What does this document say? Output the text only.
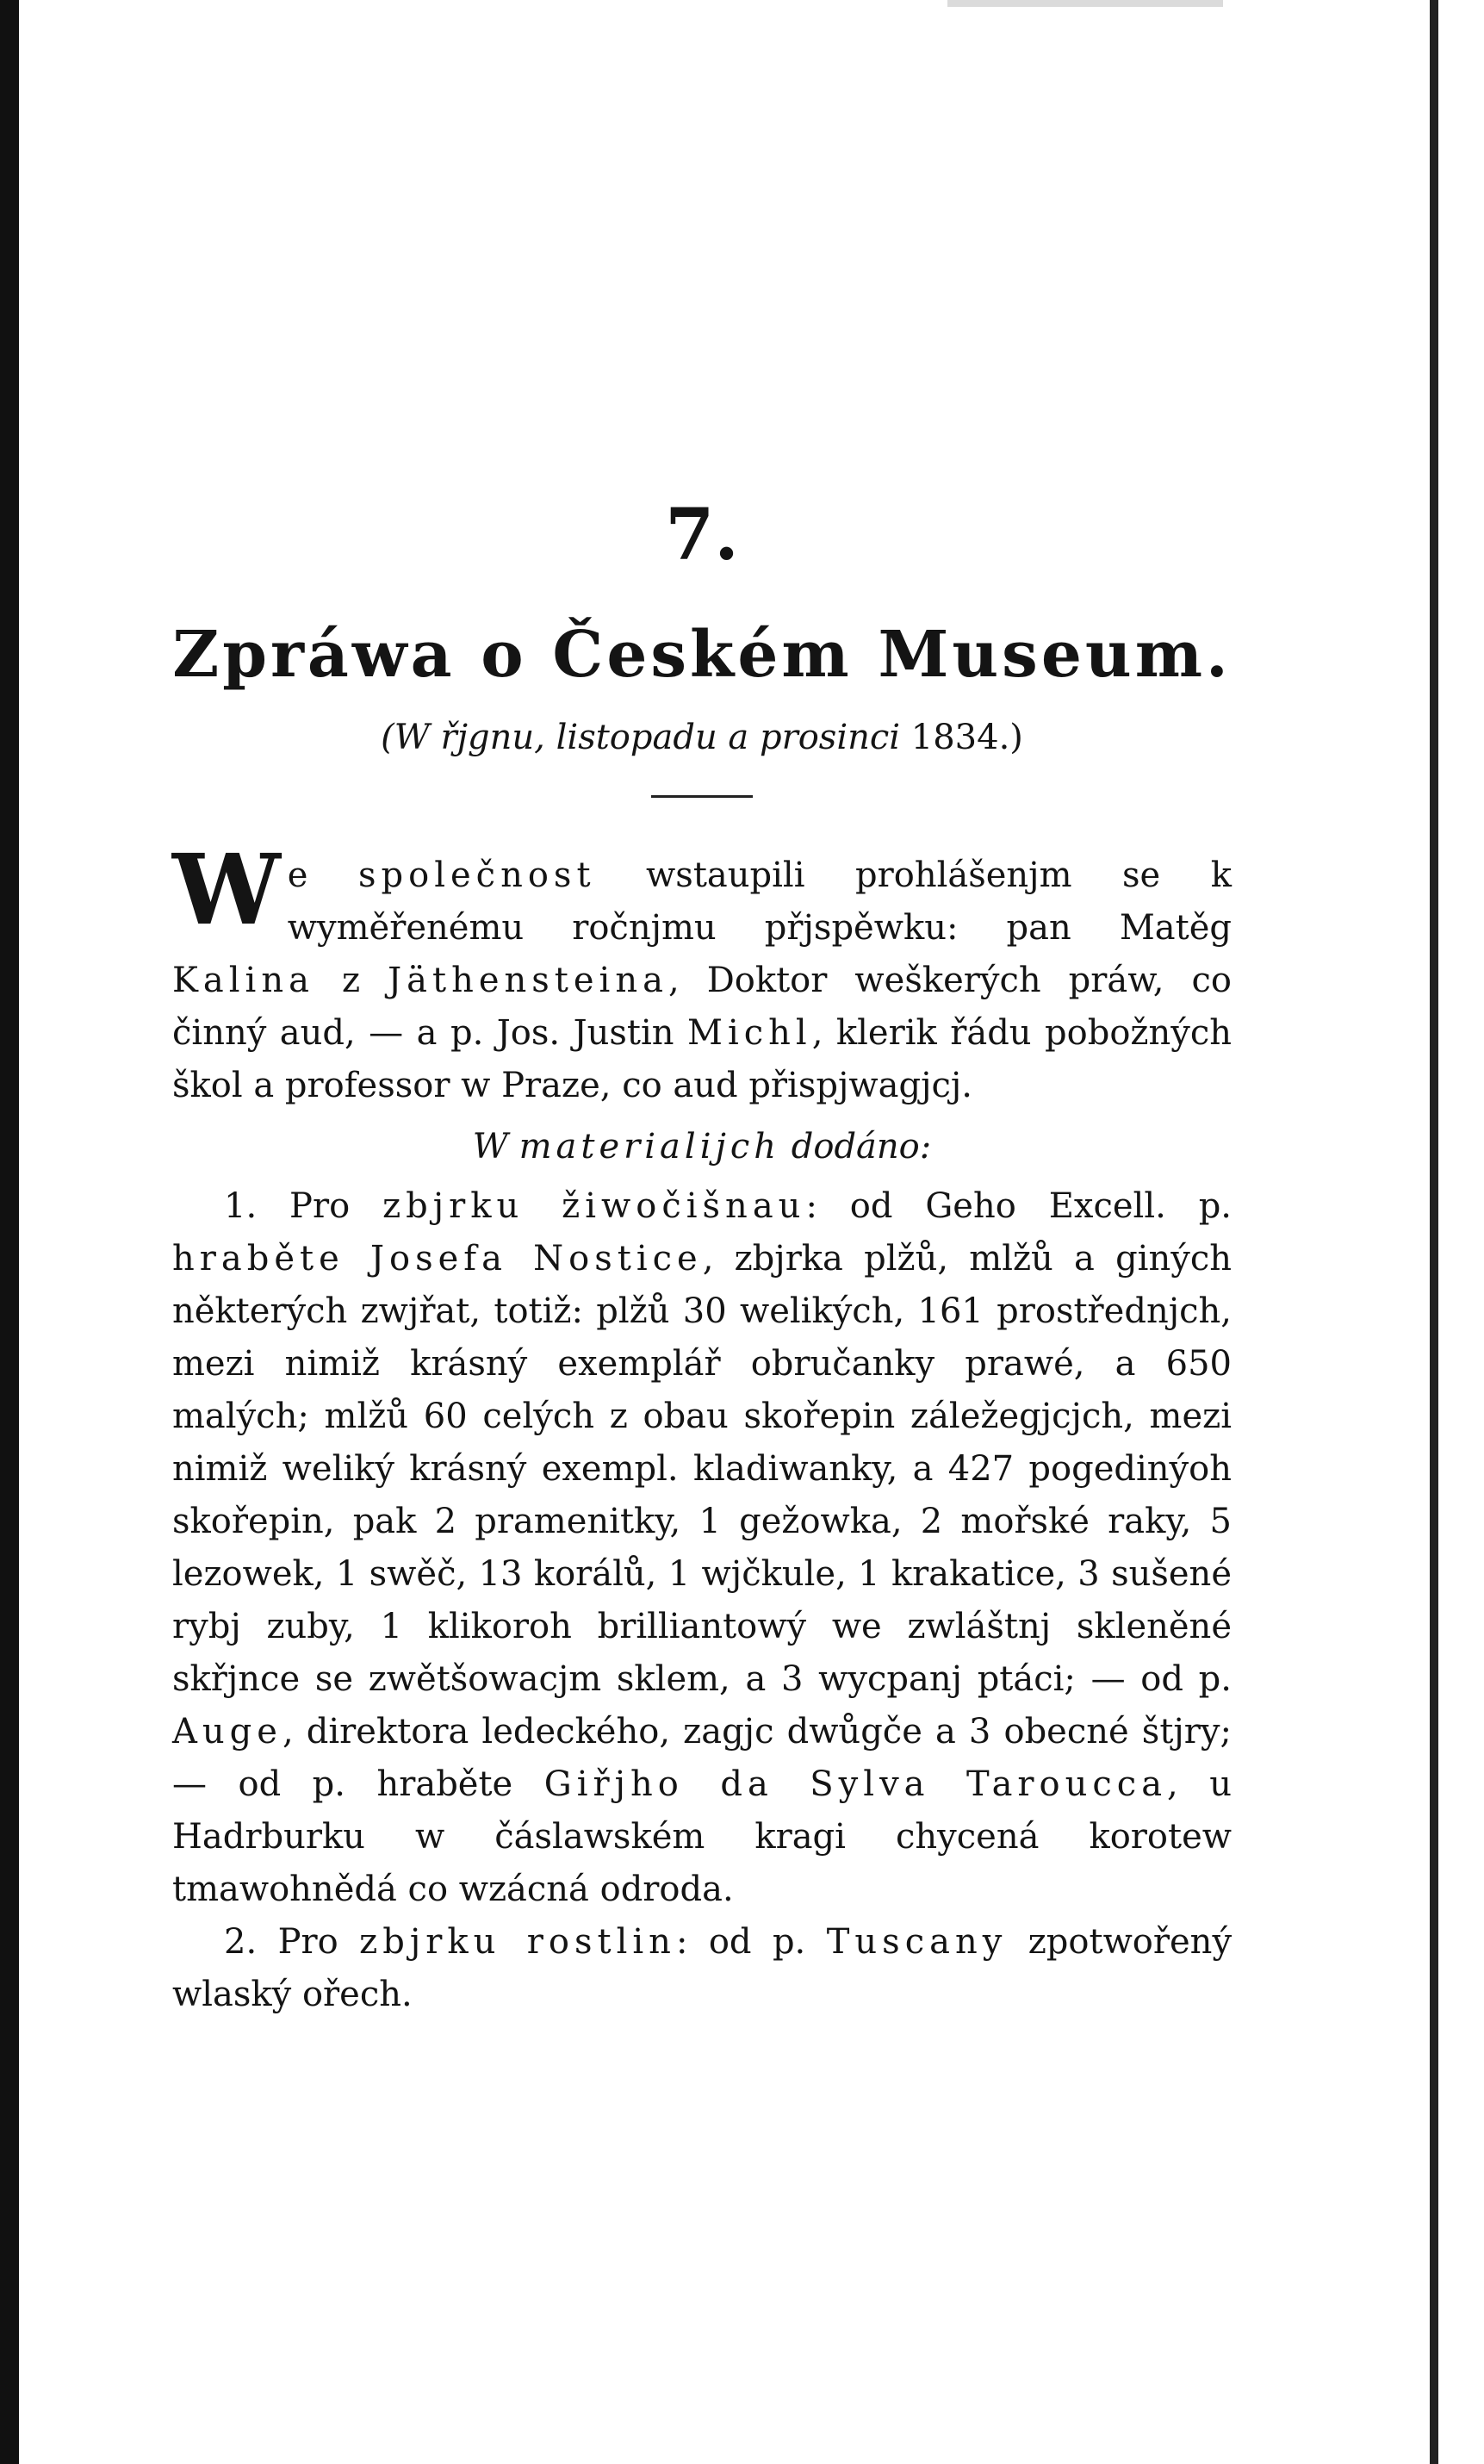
7.
Zpráwa o Českém Museum.
(W řjgnu, listopadu a prosinci 1834.)

W e společnost wstaupili prohlášenjm se k wyměřenému ročnjmu přjspěwku: pan Matěg Kalina z Jäthensteina, Doktor weškerých práw, co činný aud, — a p. Jos. Justin Michl, klerik řádu pobožných škol a professor w Praze, co aud přispjwagjcj.

W materialijch dodáno:

1. Pro zbjrku žiwočišnau: od Geho Excell. p. hraběte Josefa Nostice, zbjrka plžů, mlžů a giných některých zwjřat, totiž: plžů 30 welikých, 161 prostřednjch, mezi nimiž krásný exemplář obručanky prawé, a 650 malých; mlžů 60 celých z obau skořepin záležegjcjch, mezi nimiž weliký krásný exempl. kladiwanky, a 427 pogedinýoh skořepin, pak 2 pramenitky, 1 gežowka, 2 mořské raky, 5 lezowek, 1 swěč, 13 korálů, 1 wjčkule, 1 krakatice, 3 sušené rybj zuby, 1 klikoroh brilliantowý we zwláštnj skleněné skřjnce se zwětšowacjm sklem, a 3 wycpanj ptáci; — od p. Auge, direktora ledeckého, zagjc dwůgče a 3 obecné štjry; — od p. hraběte Giřjho da Sylva Taroucca, u Hadrburku w čáslawském kragi chycená korotew tmawohnědá co wzácná odroda.

2. Pro zbjrku rostlin: od p. Tuscany zpotwořený wlaský ořech.
